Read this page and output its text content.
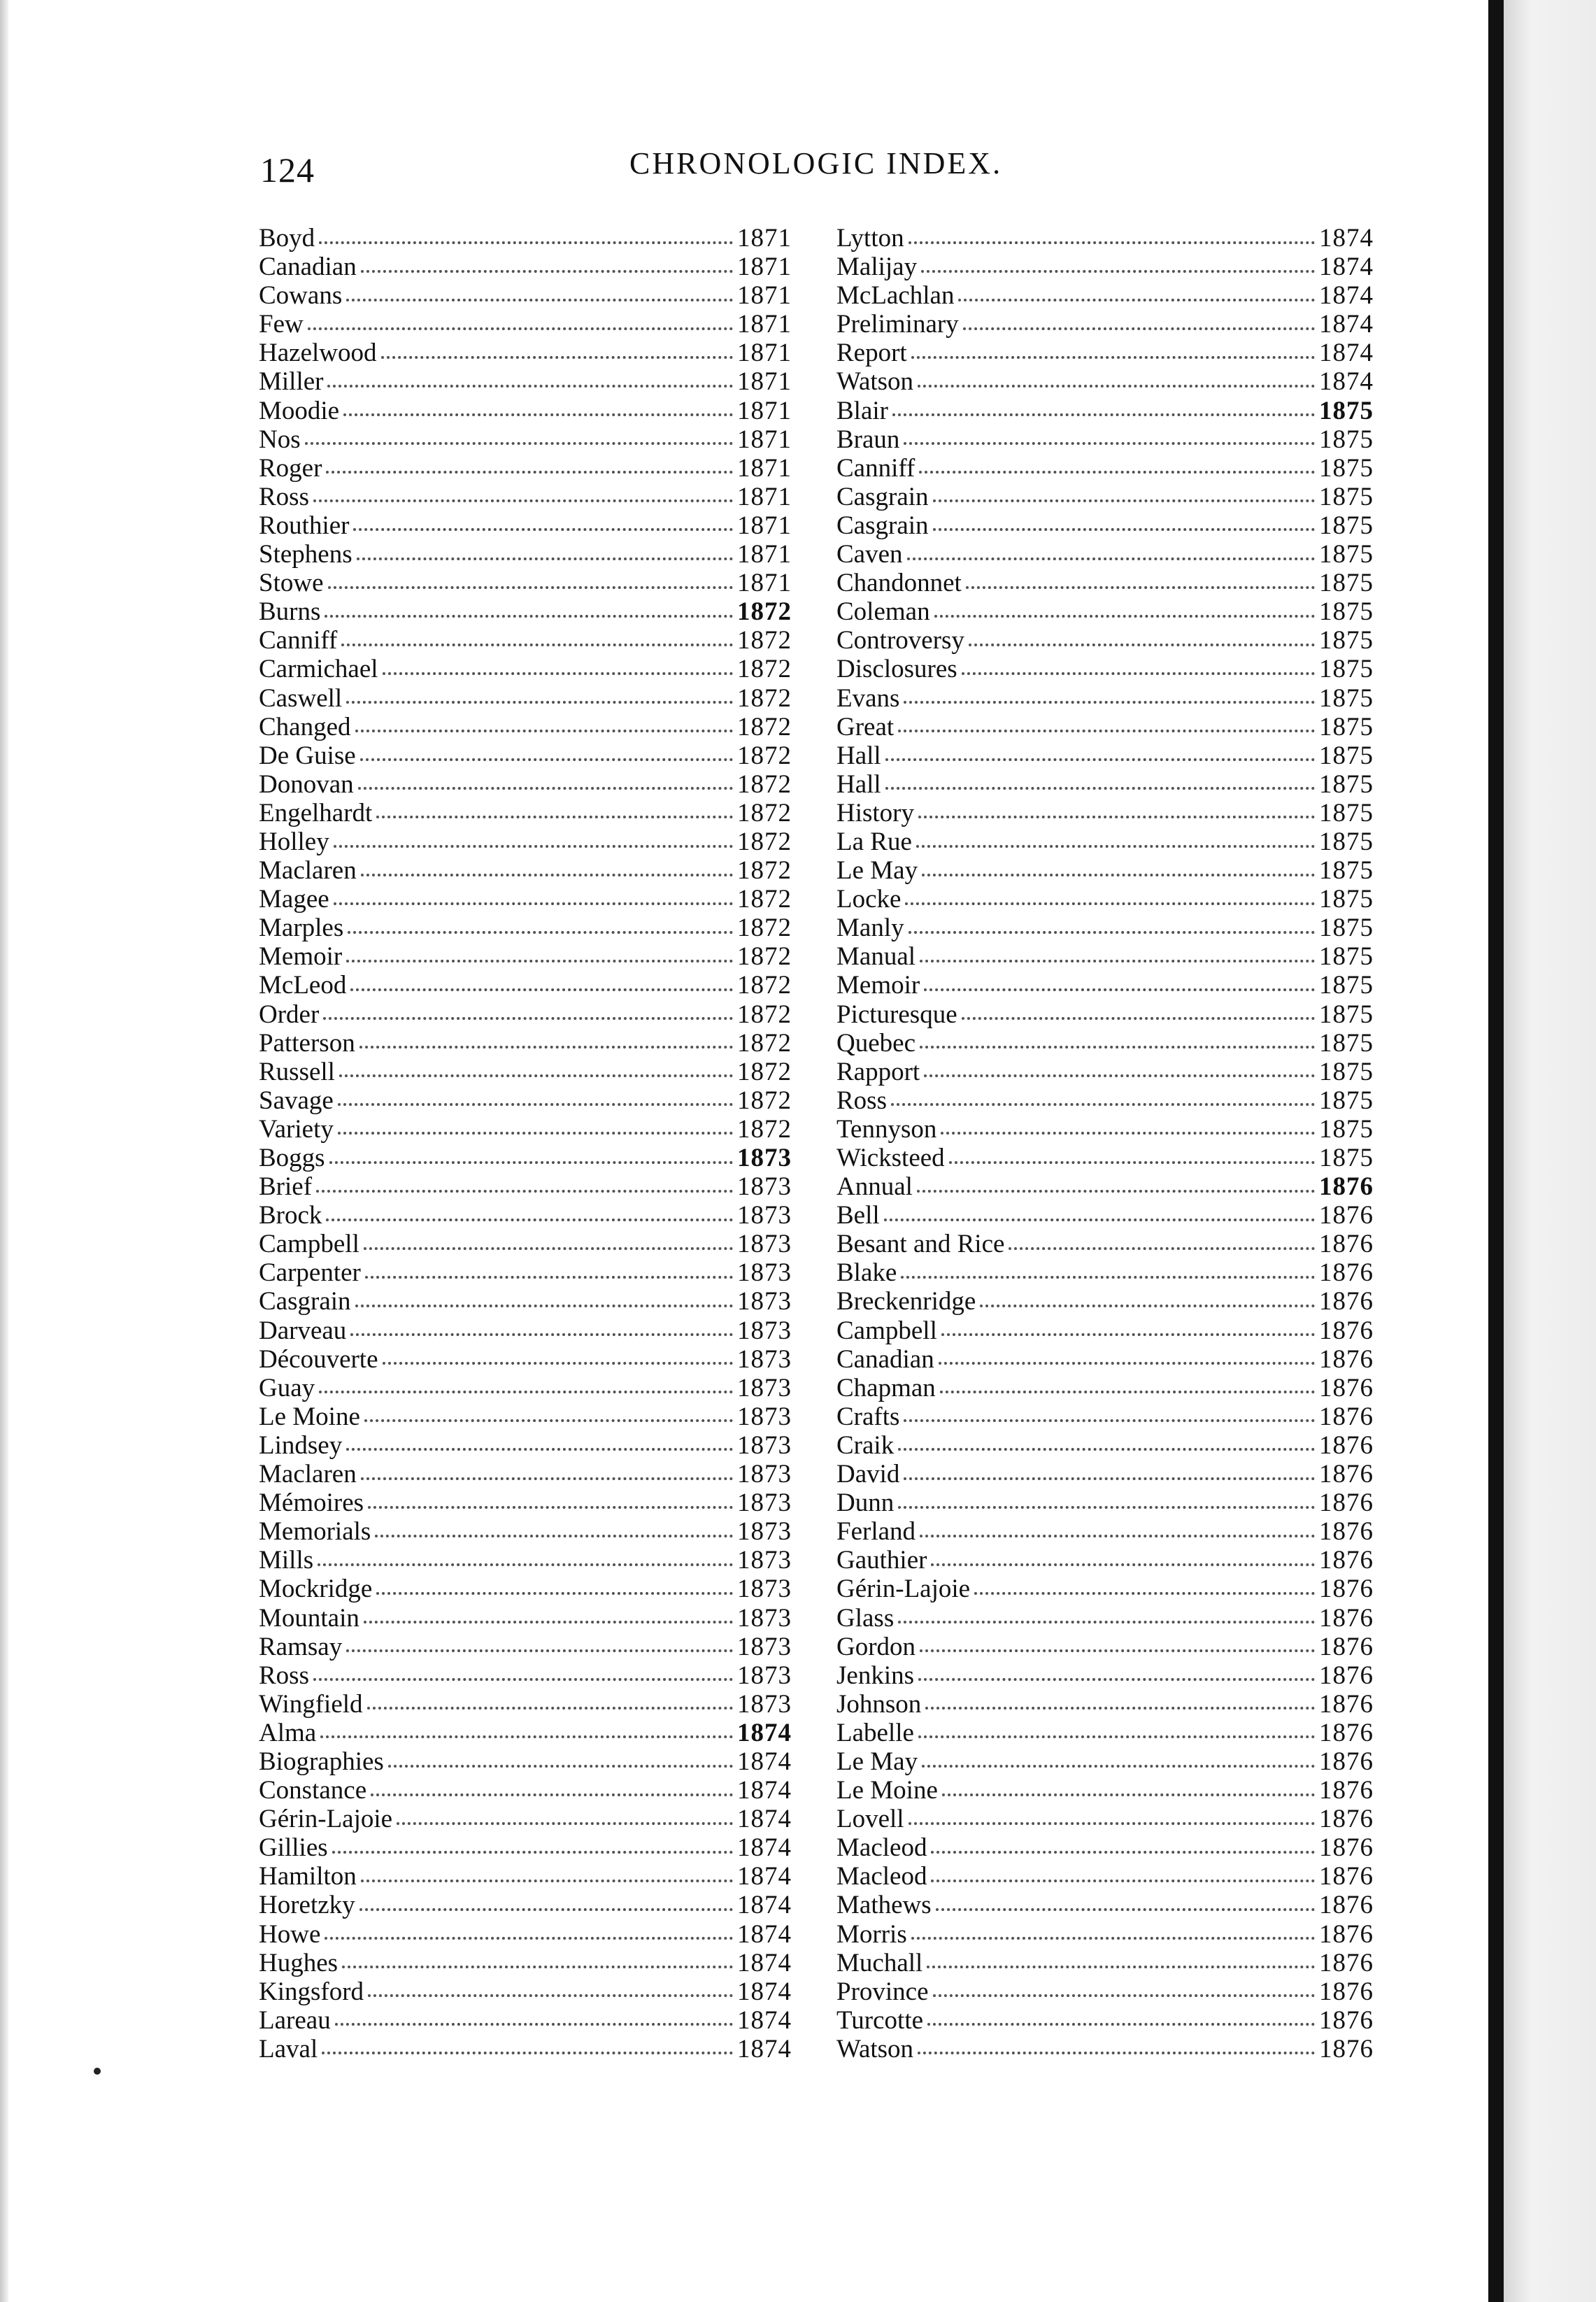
124	CHRONOLOGIC INDEX.
Boyd	1871
Canadian	1871
Cowans	1871
Few	1871
Hazelwood	1871
Miller	1871
Moodie	1871
Nos	1871
Roger	1871
Ross	1871
Routhier	1871
Stephens	1871
Stowe	1871
Burns	1872
Canniff	1872
Carmichael	1872
Caswell	1872
Changed	1872
De Guise	1872
Donovan	1872
Engelhardt	1872
Holley	1872
Maclaren	1872
Magee	1872
Marples	1872
Memoir	1872
McLeod	1872
Order	1872
Patterson	1872
Russell	1872
Savage	1872
Variety	1872
Boggs	1873
Brief	1873
Brock	1873
Campbell	1873
Carpenter	1873
Casgrain	1873
Darveau	1873
Découverte	1873
Guay	1873
Le Moine	1873
Lindsey	1873
Maclaren	1873
Mémoires	1873
Memorials	1873
Mills	1873
Mockridge	1873
Mountain	1873
Ramsay	1873
Ross	1873
Wingfield	1873
Alma	1874
Biographies	1874
Constance	1874
Gérin-Lajoie	1874
Gillies	1874
Hamilton	1874
Horetzky	1874
Howe	1874
Hughes	1874
Kingsford	1874
Lareau	1874
Laval	1874
Lytton	1874
Malijay	1874
McLachlan	1874
Preliminary	1874
Report	1874
Watson	1874
Blair	1875
Braun	1875
Canniff	1875
Casgrain	1875
Casgrain	1875
Caven	1875
Chandonnet	1875
Coleman	1875
Controversy	1875
Disclosures	1875
Evans	1875
Great	1875
Hall	1875
Hall	1875
History	1875
La Rue	1875
Le May	1875
Locke	1875
Manly	1875
Manual	1875
Memoir	1875
Picturesque	1875
Quebec	1875
Rapport	1875
Ross	1875
Tennyson	1875
Wicksteed	1875
Annual	1876
Bell	1876
Besant and Rice	1876
Blake	1876
Breckenridge	1876
Campbell	1876
Canadian	1876
Chapman	1876
Crafts	1876
Craik	1876
David	1876
Dunn	1876
Ferland	1876
Gauthier	1876
Gérin-Lajoie	1876
Glass	1876
Gordon	1876
Jenkins	1876
Johnson	1876
Labelle	1876
Le May	1876
Le Moine	1876
Lovell	1876
Macleod	1876
Macleod	1876
Mathews	1876
Morris	1876
Muchall	1876
Province	1876
Turcotte	1876
Watson	1876
